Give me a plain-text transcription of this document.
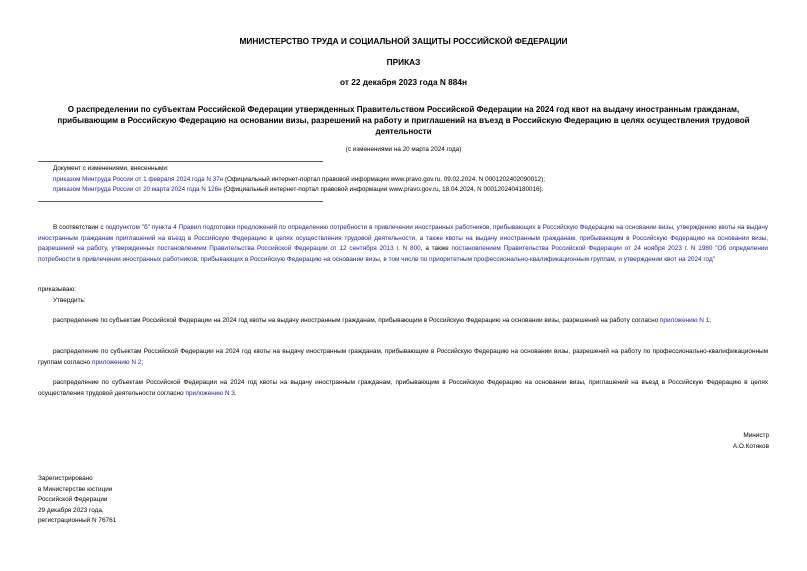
МИНИСТЕРСТВО ТРУДА И СОЦИАЛЬНОЙ ЗАЩИТЫ РОССИЙСКОЙ ФЕДЕРАЦИИ
ПРИКАЗ
от 22 декабря 2023 года N 884н
О распределении по субъектам Российской Федерации утвержденных Правительством Российской Федерации на 2024 год квот на выдачу иностранным гражданам, прибывающим в Российскую Федерацию на основании визы, разрешений на работу и приглашений на въезд в Российскую Федерацию в целях осуществления трудовой деятельности
(с изменениями на 20 марта 2024 года)
Документ с изменениями, внесенными:
приказом Минтруда России от 1 февраля 2024 года N 37н (Официальный интернет-портал правовой информации www.pravo.gov.ru, 09.02.2024, N 0001202402090012);
приказом Минтруда России от 20 марта 2024 года N 126н (Официальный интернет-портал правовой информации www.pravo.gov.ru, 18.04.2024, N 0001202404180016).
В соответствии с подпунктом "б" пункта 4 Правил подготовки предложений по определению потребности в привлечении иностранных работников, прибывающих в Российскую Федерацию на основании визы, утверждению квоты на выдачу иностранным гражданам приглашений на въезд в Российскую Федерацию в целях осуществления трудовой деятельности, а также квоты на выдачу иностранным гражданам, прибывающим в Российскую Федерацию на основании визы, разрешений на работу, утвержденных постановлением Правительства Российской Федерации от 12 сентября 2013 г. N 800, а также постановлением Правительства Российской Федерации от 24 ноября 2023 г. N 1980 "Об определении потребности в привлечении иностранных работников, прибывающих в Российскую Федерацию на основании визы, в том числе по приоритетным профессионально-квалификационным группам, и утверждении квот на 2024 год"
приказываю:
Утвердить:
распределение по субъектам Российской Федерации на 2024 год квоты на выдачу иностранным гражданам, прибывающим в Российскую Федерацию на основании визы, разрешений на работу согласно приложению N 1;
распределение по субъектам Российской Федерации на 2024 год квоты на выдачу иностранным гражданам, прибывающим в Российскую Федерацию на основании визы, разрешений на работу по профессионально-квалификационным группам согласно приложению N 2;
распределение по субъектам Российской Федерации на 2024 год квоты на выдачу иностранным гражданам, прибывающим в Российскую Федерацию на основании визы, приглашений на въезд в Российскую Федерацию в целях осуществления трудовой деятельности согласно приложению N 3.
Министр
А.О.Котяков
Зарегистрировано
в Министерстве юстиции
Российской Федерации
29 декабря 2023 года,
регистрационный N 76761
